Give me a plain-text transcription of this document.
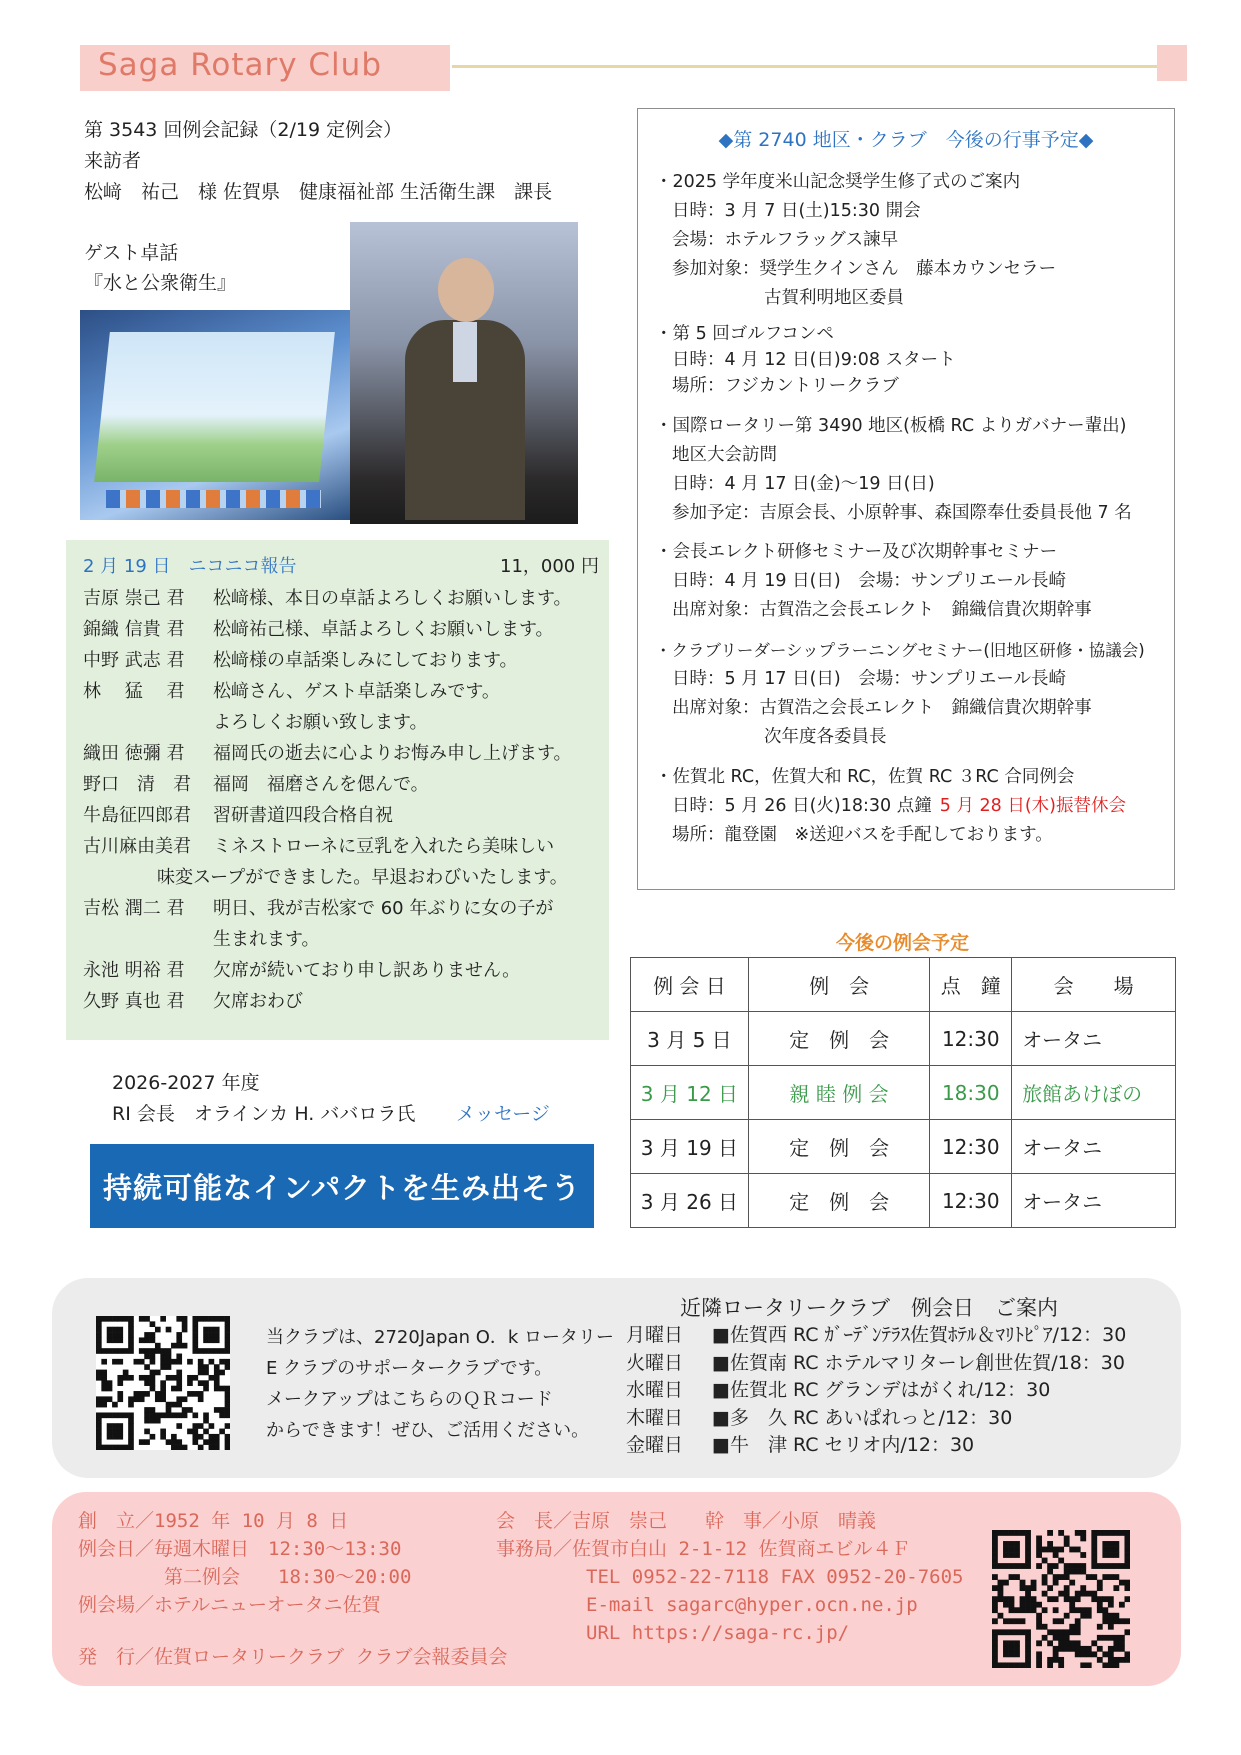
Saga Rotary Club
第 3543 回例会記録（2/19 定例会）
来訪者
松﨑　祐己　様 佐賀県　健康福祉部 生活衛生課　課長
ゲスト卓話
『水と公衆衛生』
2 月 19 日　ニコニコ報告	11，000 円
2026-2027 年度
RI 会長　オラインカ H. ババロラ氏 メッセージ
持続可能なインパクトを生み出そう
◆第 2740 地区・クラブ　今後の行事予定◆
今後の例会予定
例 会 日	例　会	点　鐘	会　　場
3 月 5 日	定　例　会	12:30	オータニ
3 月 12 日	親 睦 例 会	18:30	旅館あけぼの
3 月 19 日	定　例　会	12:30	オータニ
3 月 26 日	定　例　会	12:30	オータニ
当クラブは、2720Japan O．k ロータリー
E クラブのサポータークラブです。
メークアップはこちらのＱＲコード
からできます！ぜひ、ご活用ください。
近隣ロータリークラブ　例会日　ご案内
創　立／1952 年 10 月 8 日
例会日／毎週木曜日　12:30～13:30
第二例会　　18:30～20:00
例会場／ホテルニューオータニ佐賀
発　行／佐賀ロータリークラブ クラブ会報委員会
会　長／吉原　崇己　　幹　事／小原　晴義
事務局／佐賀市白山 2-1-12 佐賀商エビル４Ｆ
TEL 0952-22-7118 FAX 0952-20-7605
E-mail sagarc@hyper.ocn.ne.jp
URL https://saga-rc.jp/
吉原 崇己 君 松﨑様、本日の卓話よろしくお願いします。
錦織 信貴 君 松﨑祐己様、卓話よろしくお願いします。
中野 武志 君 松﨑様の卓話楽しみにしております。
林　 猛　 君 松﨑さん、ゲスト卓話楽しみです。
よろしくお願い致します。
織田 徳彌 君 福岡氏の逝去に心よりお悔み申し上げます。
野口　清　君 福岡　福磨さんを偲んで。
牛島征四郎君 習研書道四段合格自祝
古川麻由美君 ミネストローネに豆乳を入れたら美味しい
味変スープができました。早退おわびいたします。
吉松 潤二 君 明日、我が吉松家で 60 年ぶりに女の子が
生まれます。
永池 明裕 君 欠席が続いており申し訳ありません。
久野 真也 君 欠席おわび
・2025 学年度米山記念奨学生修了式のご案内
日時：3 月 7 日(土)15:30 開会
会場：ホテルフラッグス諫早
参加対象：奨学生クインさん　藤本カウンセラー
古賀利明地区委員
・第 5 回ゴルフコンペ
日時：4 月 12 日(日)9:08 スタート
場所：フジカントリークラブ
・国際ロータリー第 3490 地区(板橋 RC よりガバナー輩出)
地区大会訪問
日時：4 月 17 日(金)～19 日(日)
参加予定：吉原会長、小原幹事、森国際奉仕委員長他 7 名
・会長エレクト研修セミナー及び次期幹事セミナー
日時：4 月 19 日(日)　会場：サンプリエール長崎
出席対象：古賀浩之会長エレクト　錦織信貴次期幹事
・クラブリーダーシップラーニングセミナー(旧地区研修・協議会)
日時：5 月 17 日(日)　会場：サンプリエール長崎
出席対象：古賀浩之会長エレクト　錦織信貴次期幹事
次年度各委員長
・佐賀北 RC，佐賀大和 RC，佐賀 RC ３RC 合同例会
日時：5 月 26 日(火)18:30 点鐘 5 月 28 日(木)振替休会
場所：龍登園　※送迎バスを手配しております。
月曜日 ■佐賀西 RC ｶﾞｰﾃﾞﾝﾃﾗｽ佐賀ﾎﾃﾙ＆ﾏﾘﾄﾋﾟｱ/12：30
火曜日 ■佐賀南 RC ホテルマリターレ創世佐賀/18：30
水曜日 ■佐賀北 RC グランデはがくれ/12：30
木曜日 ■多　久 RC あいぱれっと/12：30
金曜日 ■牛　津 RC セリオ内/12：30
